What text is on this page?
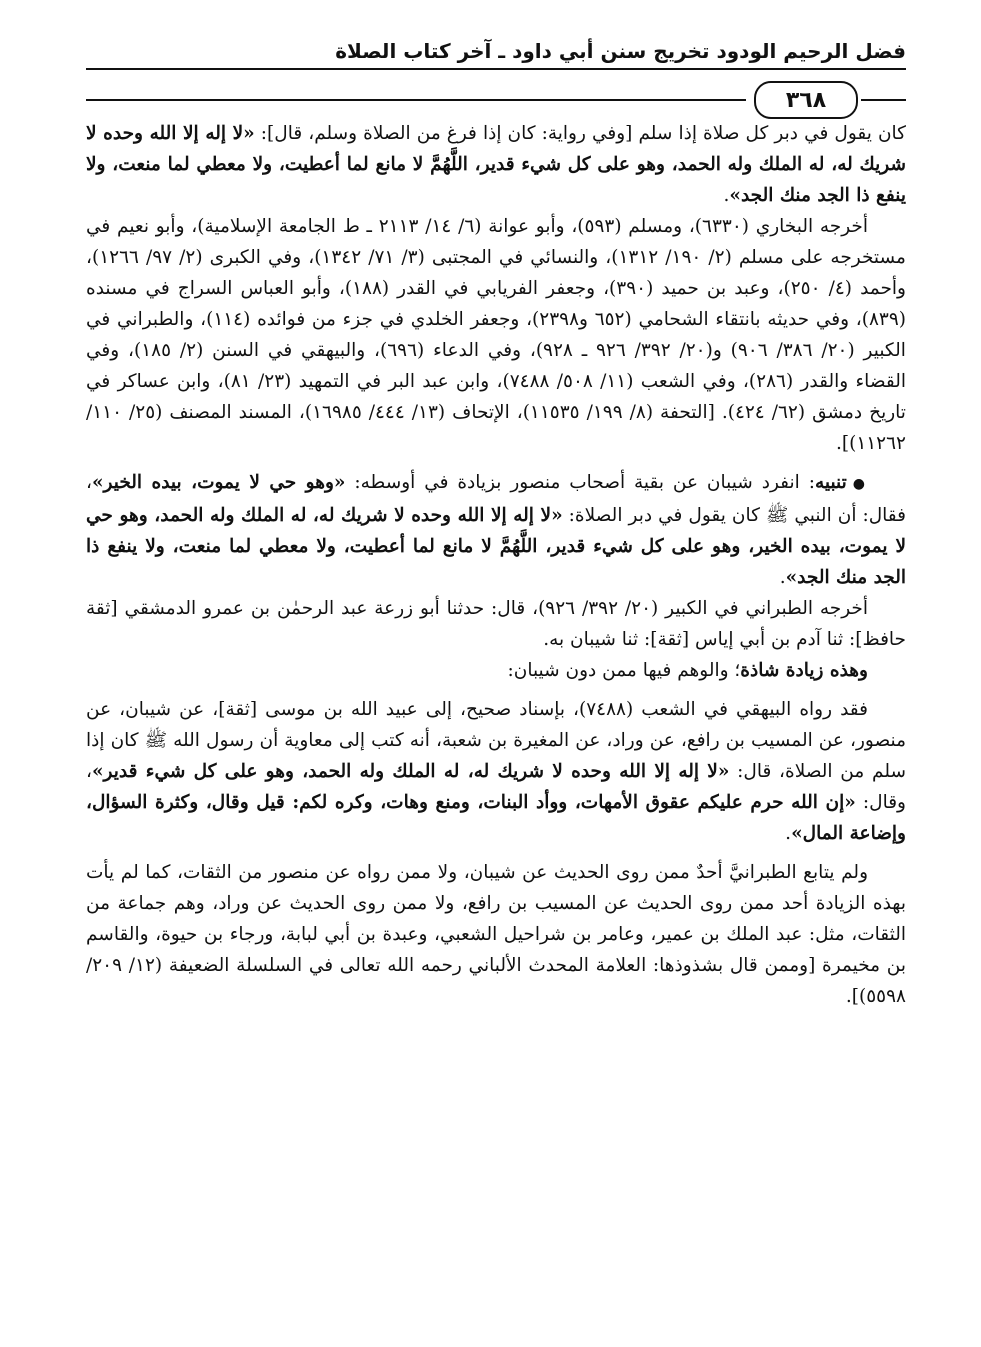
فضل الرحيم الودود تخريج سنن أبي داود ـ آخر كتاب الصلاة
٣٦٨

كان يقول في دبر كل صلاة إذا سلم [وفي رواية: كان إذا فرغ من الصلاة وسلم، قال]: «لا إله إلا الله وحده لا شريك له، له الملك وله الحمد، وهو على كل شيء قدير، اللَّهُمَّ لا مانع لما أعطيت، ولا معطي لما منعت، ولا ينفع ذا الجد منك الجد».

أخرجه البخاري (٦٣٣٠)، ومسلم (٥٩٣)، وأبو عوانة (٦/ ١٤/ ٢١١٣ ـ ط الجامعة الإسلامية)، وأبو نعيم في مستخرجه على مسلم (٢/ ١٩٠/ ١٣١٢)، والنسائي في المجتبى (٣/ ٧١/ ١٣٤٢)، وفي الكبرى (٢/ ٩٧/ ١٢٦٦)، وأحمد (٤/ ٢٥٠)، وعبد بن حميد (٣٩٠)، وجعفر الفريابي في القدر (١٨٨)، وأبو العباس السراج في مسنده (٨٣٩)، وفي حديثه بانتقاء الشحامي (٦٥٢ و٢٣٩٨)، وجعفر الخلدي في جزء من فوائده (١١٤)، والطبراني في الكبير (٢٠/ ٣٨٦/ ٩٠٦) و(٢٠/ ٣٩٢/ ٩٢٦ ـ ٩٢٨)، وفي الدعاء (٦٩٦)، والبيهقي في السنن (٢/ ١٨٥)، وفي القضاء والقدر (٢٨٦)، وفي الشعب (١١/ ٥٠٨/ ٧٤٨٨)، وابن عبد البر في التمهيد (٢٣/ ٨١)، وابن عساكر في تاريخ دمشق (٦٢/ ٤٢٤). [التحفة (٨/ ١٩٩/ ١١٥٣٥)، الإتحاف (١٣/ ٤٤٤/ ١٦٩٨٥)، المسند المصنف (٢٥/ ١١٠/ ١١٢٦٢)].

●تنبيه: انفرد شيبان عن بقية أصحاب منصور بزيادة في أوسطه: «وهو حي لا يموت، بيده الخير»، فقال: أن النبي ﷺ كان يقول في دبر الصلاة: «لا إله إلا الله وحده لا شريك له، له الملك وله الحمد، وهو حي لا يموت، بيده الخير، وهو على كل شيء قدير، اللَّهُمَّ لا مانع لما أعطيت، ولا معطي لما منعت، ولا ينفع ذا الجد منك الجد».

أخرجه الطبراني في الكبير (٢٠/ ٣٩٢/ ٩٢٦)، قال: حدثنا أبو زرعة عبد الرحمٰن بن عمرو الدمشقي [ثقة حافظ]: ثنا آدم بن أبي إياس [ثقة]: ثنا شيبان به.

وهذه زيادة شاذة؛ والوهم فيها ممن دون شيبان:

فقد رواه البيهقي في الشعب (٧٤٨٨)، بإسناد صحيح، إلى عبيد الله بن موسى [ثقة]، عن شيبان، عن منصور، عن المسيب بن رافع، عن وراد، عن المغيرة بن شعبة، أنه كتب إلى معاوية أن رسول الله ﷺ كان إذا سلم من الصلاة، قال: «لا إله إلا الله وحده لا شريك له، له الملك وله الحمد، وهو على كل شيء قدير»، وقال: «إن الله حرم عليكم عقوق الأمهات، ووأد البنات، ومنع وهات، وكره لكم: قيل وقال، وكثرة السؤال، وإضاعة المال».

ولم يتابع الطبرانيَّ أحدٌ ممن روى الحديث عن شيبان، ولا ممن رواه عن منصور من الثقات، كما لم يأت بهذه الزيادة أحد ممن روى الحديث عن المسيب بن رافع، ولا ممن روى الحديث عن وراد، وهم جماعة من الثقات، مثل: عبد الملك بن عمير، وعامر بن شراحيل الشعبي، وعبدة بن أبي لبابة، ورجاء بن حيوة، والقاسم بن مخيمرة [وممن قال بشذوذها: العلامة المحدث الألباني رحمه الله تعالى في السلسلة الضعيفة (١٢/ ٢٠٩/ ٥٥٩٨)].
